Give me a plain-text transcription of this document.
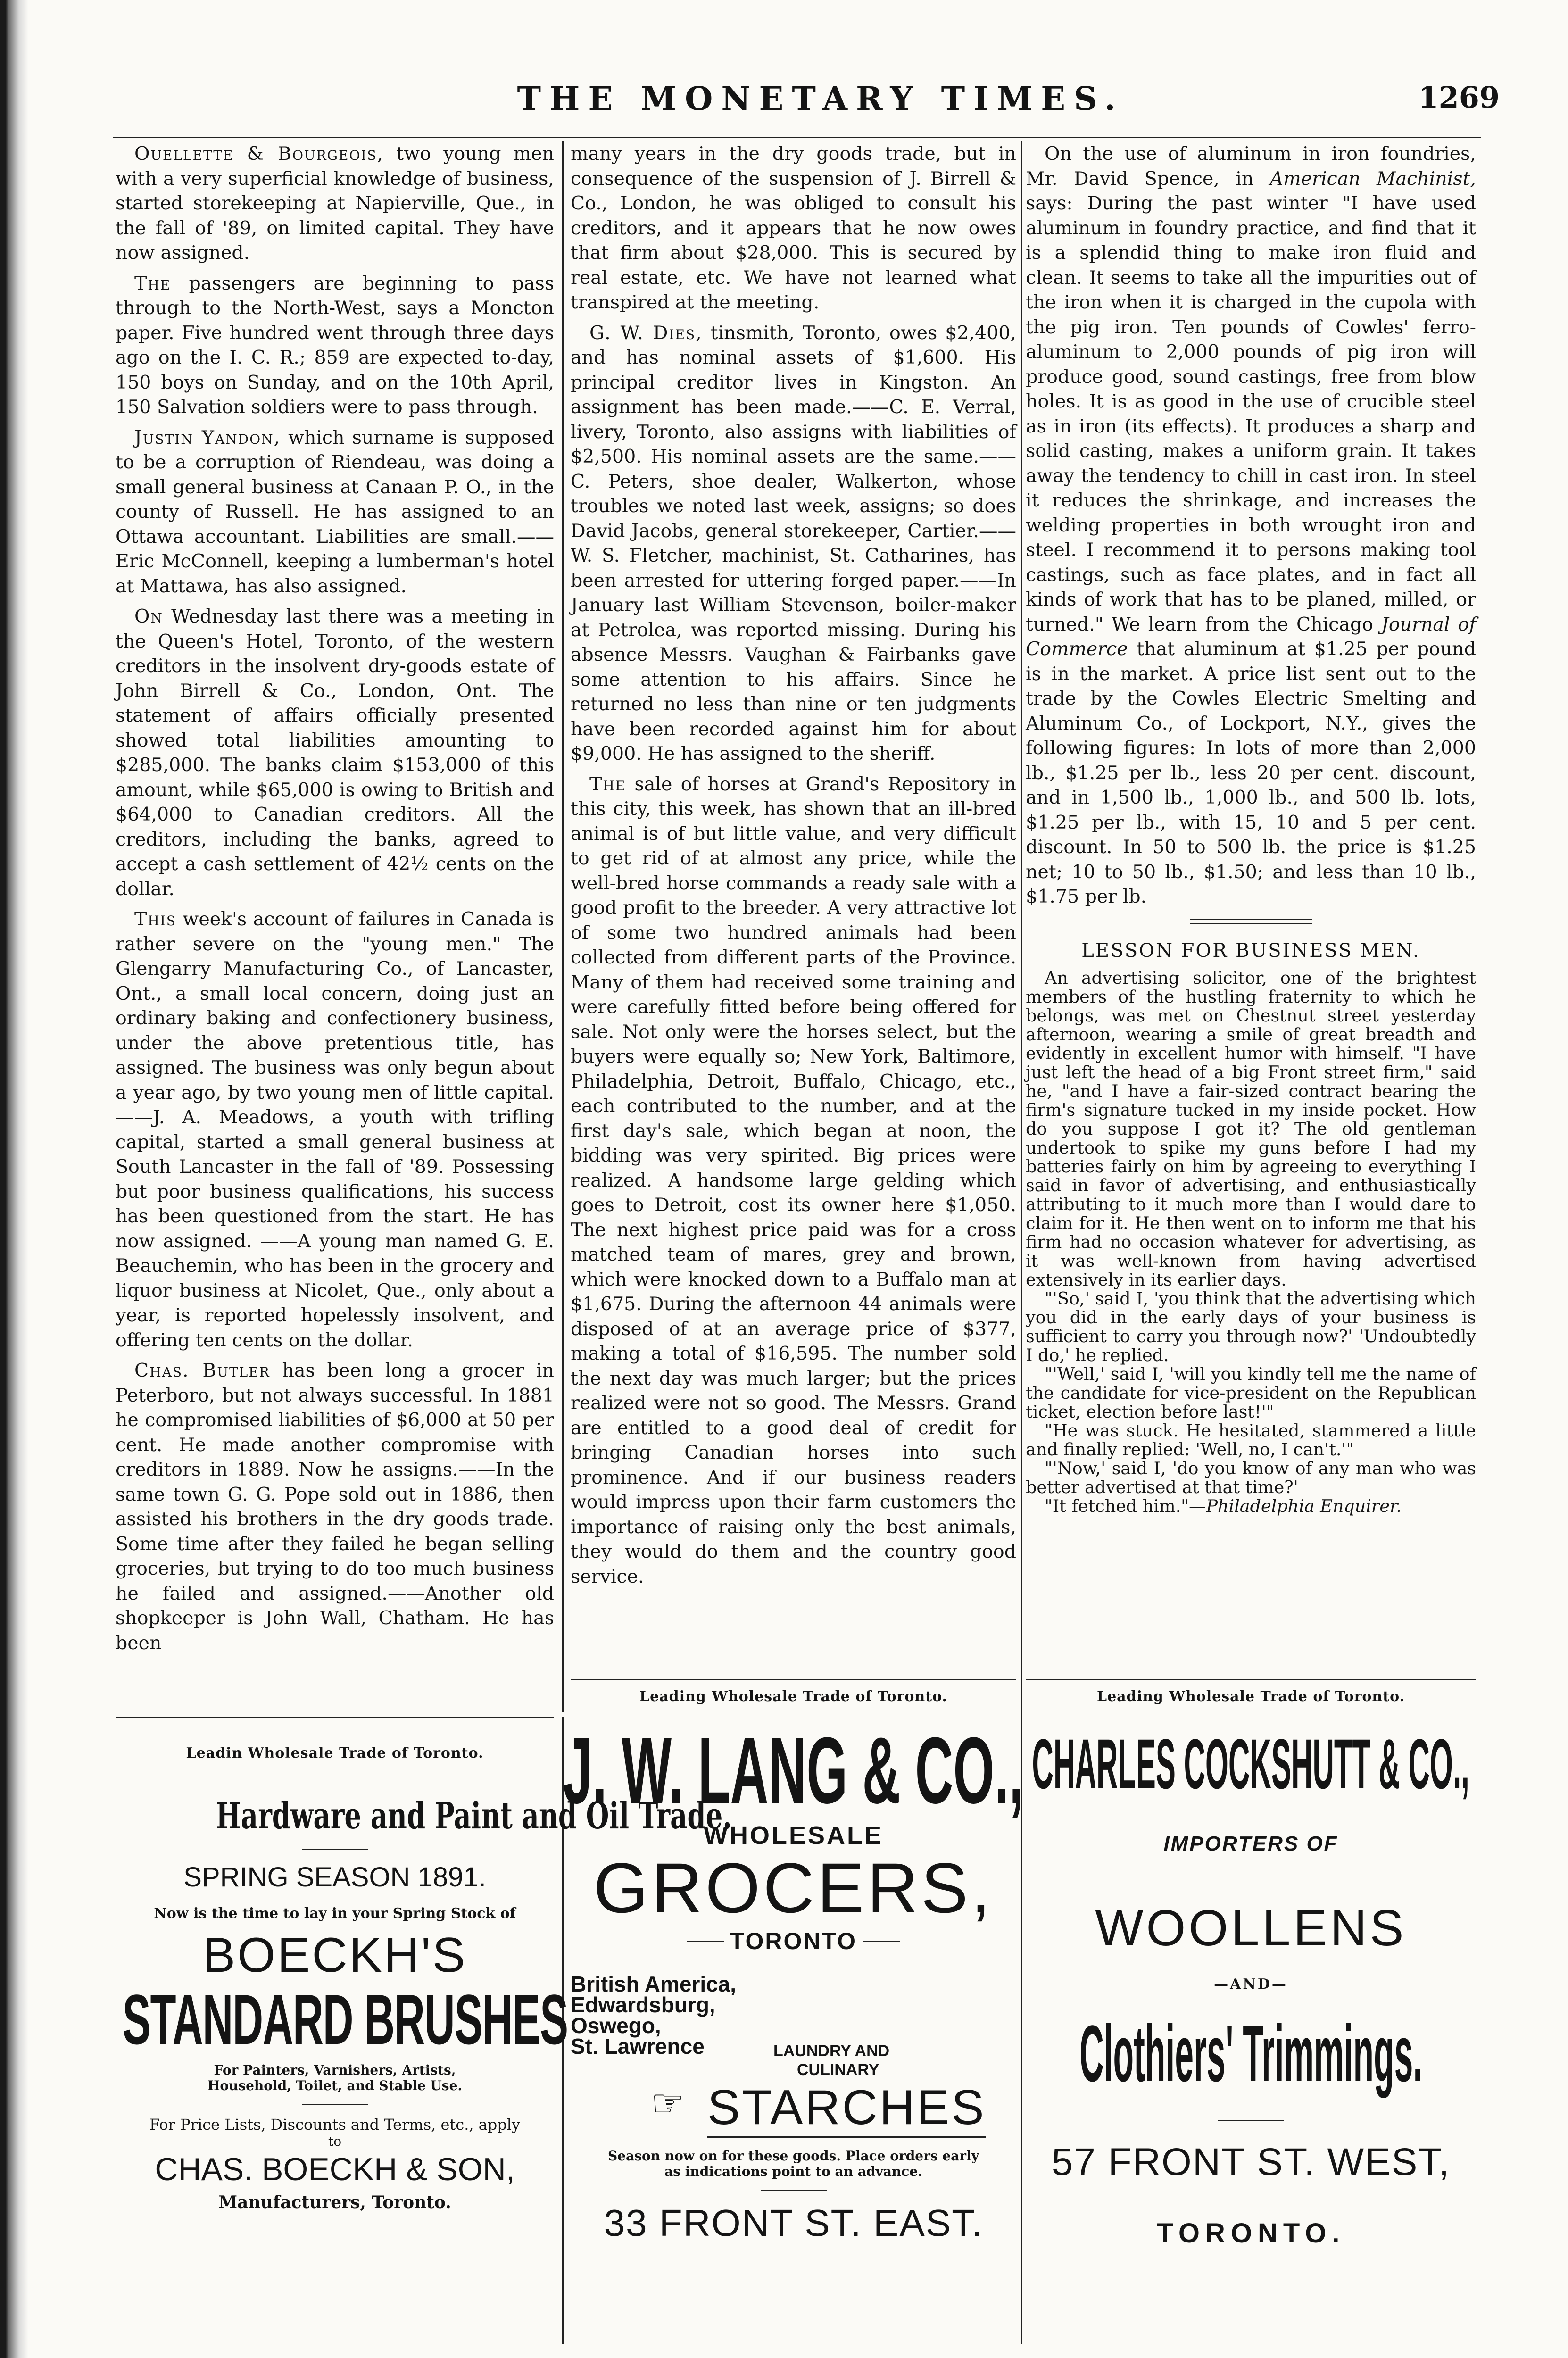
THE MONETARY TIMES.	1269

Ouellette & Bourgeois, two young men with a very superficial knowledge of business, started storekeeping at Napierville, Que., in the fall of '89, on limited capital. They have now assigned.

The passengers are beginning to pass through to the North-West, says a Moncton paper. Five hundred went through three days ago on the I. C. R.; 859 are expected to-day, 150 boys on Sunday, and on the 10th April, 150 Salvation soldiers were to pass through.

Justin Yandon, which surname is supposed to be a corruption of Riendeau, was doing a small general business at Canaan P. O., in the county of Russell. He has assigned to an Ottawa accountant. Liabilities are small.——Eric McConnell, keeping a lumberman's hotel at Mattawa, has also assigned.

On Wednesday last there was a meeting in the Queen's Hotel, Toronto, of the western creditors in the insolvent dry-goods estate of John Birrell & Co., London, Ont. The statement of affairs officially presented showed total liabilities amounting to $285,000. The banks claim $153,000 of this amount, while $65,000 is owing to British and $64,000 to Canadian creditors. All the creditors, including the banks, agreed to accept a cash settlement of 42½ cents on the dollar.

This week's account of failures in Canada is rather severe on the "young men." The Glengarry Manufacturing Co., of Lancaster, Ont., a small local concern, doing just an ordinary baking and confectionery business, under the above pretentious title, has assigned. The business was only begun about a year ago, by two young men of little capital.——J. A. Meadows, a youth with trifling capital, started a small general business at South Lancaster in the fall of '89. Possessing but poor business qualifications, his success has been questioned from the start. He has now assigned. ——A young man named G. E. Beauchemin, who has been in the grocery and liquor business at Nicolet, Que., only about a year, is reported hopelessly insolvent, and offering ten cents on the dollar.

Chas. Butler has been long a grocer in Peterboro, but not always successful. In 1881 he compromised liabilities of $6,000 at 50 per cent. He made another compromise with creditors in 1889. Now he assigns.——In the same town G. G. Pope sold out in 1886, then assisted his brothers in the dry goods trade. Some time after they failed he began selling groceries, but trying to do too much business he failed and assigned.——Another old shopkeeper is John Wall, Chatham. He has been

many years in the dry goods trade, but in consequence of the suspension of J. Birrell & Co., London, he was obliged to consult his creditors, and it appears that he now owes that firm about $28,000. This is secured by real estate, etc. We have not learned what transpired at the meeting.

G. W. Dies, tinsmith, Toronto, owes $2,400, and has nominal assets of $1,600. His principal creditor lives in Kingston. An assignment has been made.——C. E. Verral, livery, Toronto, also assigns with liabilities of $2,500. His nominal assets are the same.——C. Peters, shoe dealer, Walkerton, whose troubles we noted last week, assigns; so does David Jacobs, general storekeeper, Cartier.——W. S. Fletcher, machinist, St. Catharines, has been arrested for uttering forged paper.——In January last William Stevenson, boiler-maker at Petrolea, was reported missing. During his absence Messrs. Vaughan & Fairbanks gave some attention to his affairs. Since he returned no less than nine or ten judgments have been recorded against him for about $9,000. He has assigned to the sheriff.

The sale of horses at Grand's Repository in this city, this week, has shown that an ill-bred animal is of but little value, and very difficult to get rid of at almost any price, while the well-bred horse commands a ready sale with a good profit to the breeder. A very attractive lot of some two hundred animals had been collected from different parts of the Province. Many of them had received some training and were carefully fitted before being offered for sale. Not only were the horses select, but the buyers were equally so; New York, Baltimore, Philadelphia, Detroit, Buffalo, Chicago, etc., each contributed to the number, and at the first day's sale, which began at noon, the bidding was very spirited. Big prices were realized. A handsome large gelding which goes to Detroit, cost its owner here $1,050. The next highest price paid was for a cross matched team of mares, grey and brown, which were knocked down to a Buffalo man at $1,675. During the afternoon 44 animals were disposed of at an average price of $377, making a total of $16,595. The number sold the next day was much larger; but the prices realized were not so good. The Messrs. Grand are entitled to a good deal of credit for bringing Canadian horses into such prominence. And if our business readers would impress upon their farm customers the importance of raising only the best animals, they would do them and the country good service.

On the use of aluminum in iron foundries, Mr. David Spence, in American Machinist, says: During the past winter "I have used aluminum in foundry practice, and find that it is a splendid thing to make iron fluid and clean. It seems to take all the impurities out of the iron when it is charged in the cupola with the pig iron. Ten pounds of Cowles' ferro-aluminum to 2,000 pounds of pig iron will produce good, sound castings, free from blow holes. It is as good in the use of crucible steel as in iron (its effects). It produces a sharp and solid casting, makes a uniform grain. It takes away the tendency to chill in cast iron. In steel it reduces the shrinkage, and increases the welding properties in both wrought iron and steel. I recommend it to persons making tool castings, such as face plates, and in fact all kinds of work that has to be planed, milled, or turned." We learn from the Chicago Journal of Commerce that aluminum at $1.25 per pound is in the market. A price list sent out to the trade by the Cowles Electric Smelting and Aluminum Co., of Lockport, N.Y., gives the following figures: In lots of more than 2,000 lb., $1.25 per lb., less 20 per cent. discount, and in 1,500 lb., 1,000 lb., and 500 lb. lots, $1.25 per lb., with 15, 10 and 5 per cent. discount. In 50 to 500 lb. the price is $1.25 net; 10 to 50 lb., $1.50; and less than 10 lb., $1.75 per lb.

LESSON FOR BUSINESS MEN.

An advertising solicitor, one of the brightest members of the hustling fraternity to which he belongs, was met on Chestnut street yesterday afternoon, wearing a smile of great breadth and evidently in excellent humor with himself. "I have just left the head of a big Front street firm," said he, "and I have a fair-sized contract bearing the firm's signature tucked in my inside pocket. How do you suppose I got it? The old gentleman undertook to spike my guns before I had my batteries fairly on him by agreeing to everything I said in favor of advertising, and enthusiastically attributing to it much more than I would dare to claim for it. He then went on to inform me that his firm had no occasion whatever for advertising, as it was well-known from having advertised extensively in its earlier days.

"'So,' said I, 'you think that the advertising which you did in the early days of your business is sufficient to carry you through now?' 'Undoubtedly I do,' he replied.

"'Well,' said I, 'will you kindly tell me the name of the candidate for vice-president on the Republican ticket, election before last!'"

"He was stuck. He hesitated, stammered a little and finally replied: 'Well, no, I can't.'"

"'Now,' said I, 'do you know of any man who was better advertised at that time?'

"It fetched him."—Philadelphia Enquirer.

Leadin Wholesale Trade of Toronto.
Hardware and Paint and Oil Trade.
SPRING SEASON 1891.
Now is the time to lay in your Spring Stock of
BOECKH'S
STANDARD BRUSHES
For Painters, Varnishers, Artists,
Household, Toilet, and Stable Use.
For Price Lists, Discounts and Terms, etc., apply
to
CHAS. BOECKH & SON,
Manufacturers, Toronto.
Leading Wholesale Trade of Toronto.
J. W. LANG & CO.,
WHOLESALE
GROCERS,
TORONTO
British America,
Edwardsburg,
Oswego,
St. Lawrence	LAUNDRY AND
CULINARY
☞ STARCHES
Season now on for these goods. Place orders early
as indications point to an advance.
33 FRONT ST. EAST.
Leading Wholesale Trade of Toronto.
CHARLES COCKSHUTT & CO.,
IMPORTERS OF
WOOLLENS
—AND—
Clothiers' Trimmings.
57 FRONT ST. WEST,
TORONTO.
